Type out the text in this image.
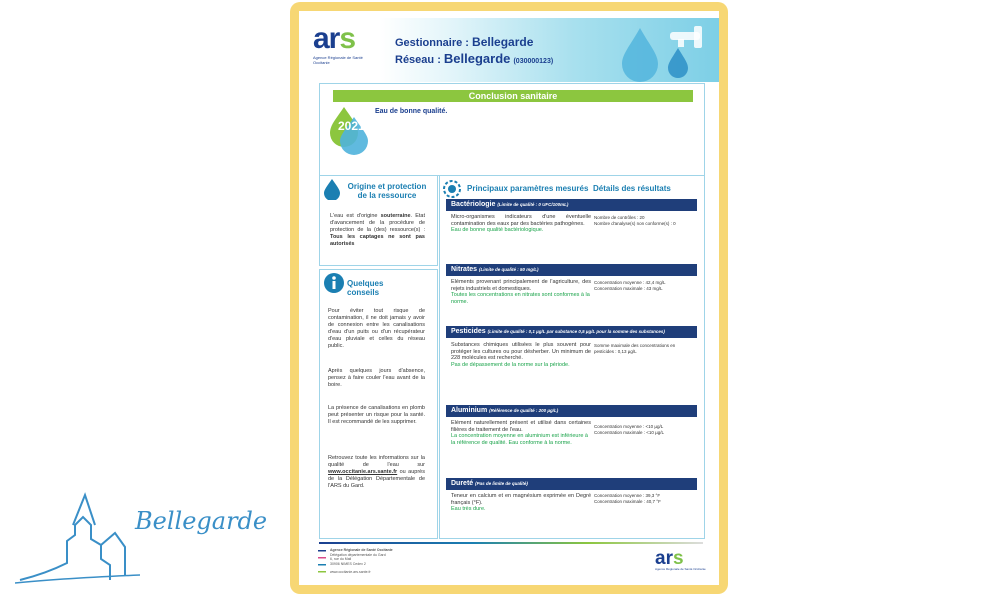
ars
Agence Régionale de Santé Occitanie
Gestionnaire : Bellegarde
Réseau : Bellegarde (030000123)
Conclusion sanitaire
2021
Eau de bonne qualité.
Origine et protection de la ressource
L'eau est d'origine souterraine. Etat d'avancement de la procédure de protection de la (des) ressource(s) : Tous les captages ne sont pas autorisés
Quelques conseils
Pour éviter tout risque de contamination, il ne doit jamais y avoir de connexion entre les canalisations d'eau d'un puits ou d'un récupérateur d'eau pluviale et celles du réseau public.
Après quelques jours d'absence, pensez à faire couler l'eau avant de la boire.
La présence de canalisations en plomb peut présenter un risque pour la santé. Il est recommandé de les supprimer.
Retrouvez toute les informations sur la qualité de l'eau sur www.occitanie.ars.sante.fr ou auprès de la Délégation Départementale de l'ARS du Gard.
Principaux paramètres mesurés Détails des résultats
Bactériologie (Limite de qualité : 0 UFC/100mL)
Micro-organismes indicateurs d'une éventuelle contamination des eaux par des bactéries pathogènes.
Eau de bonne qualité bactériologique.
Nombre de contrôles : 20
Nombre d'analyse(s) non conforme(s) : 0
Nitrates (Limite de qualité : 50 mg/L)
Eléments provenant principalement de l'agriculture, des rejets industriels et domestiques.
Toutes les concentrations en nitrates sont conformes à la norme.
Concentration moyenne : 42,4 mg/L
Concentration maximale : 43 mg/L
Pesticides (Limite de qualité : 0,1 µg/L par substance 0,5 µg/L pour la somme des substances)
Substances chimiques utilisées le plus souvent pour protéger les cultures ou pour désherber. Un minimum de 228 molécules est recherché.
Pas de dépassement de la norme sur la période.
Somme maximale des concentrations en pesticides : 0,13 µg/L
Aluminium (Référence de qualité : 200 µg/L)
Elément naturellement présent et utilisé dans certaines filières de traitement de l'eau.
La concentration moyenne en aluminium est inférieure à la référence de qualité. Eau conforme à la norme.
Concentration moyenne : <10 µg/L
Concentration maximale : <10 µg/L
Dureté (Pas de limite de qualité)
Teneur en calcium et en magnésium exprimée en Degré français (°F).
Eau très dure.
Concentration moyenne : 39,3 °F
Concentration maximale : 40,7 °F
Agence Régionale de Santé Occitanie
Délégation départementale du Gard
6, rue du Mail
30906 NIMES Cedex 2
www.occitanie.ars.sante.fr
ars
Agence Régionale de Santé Occitanie
Bellegarde
